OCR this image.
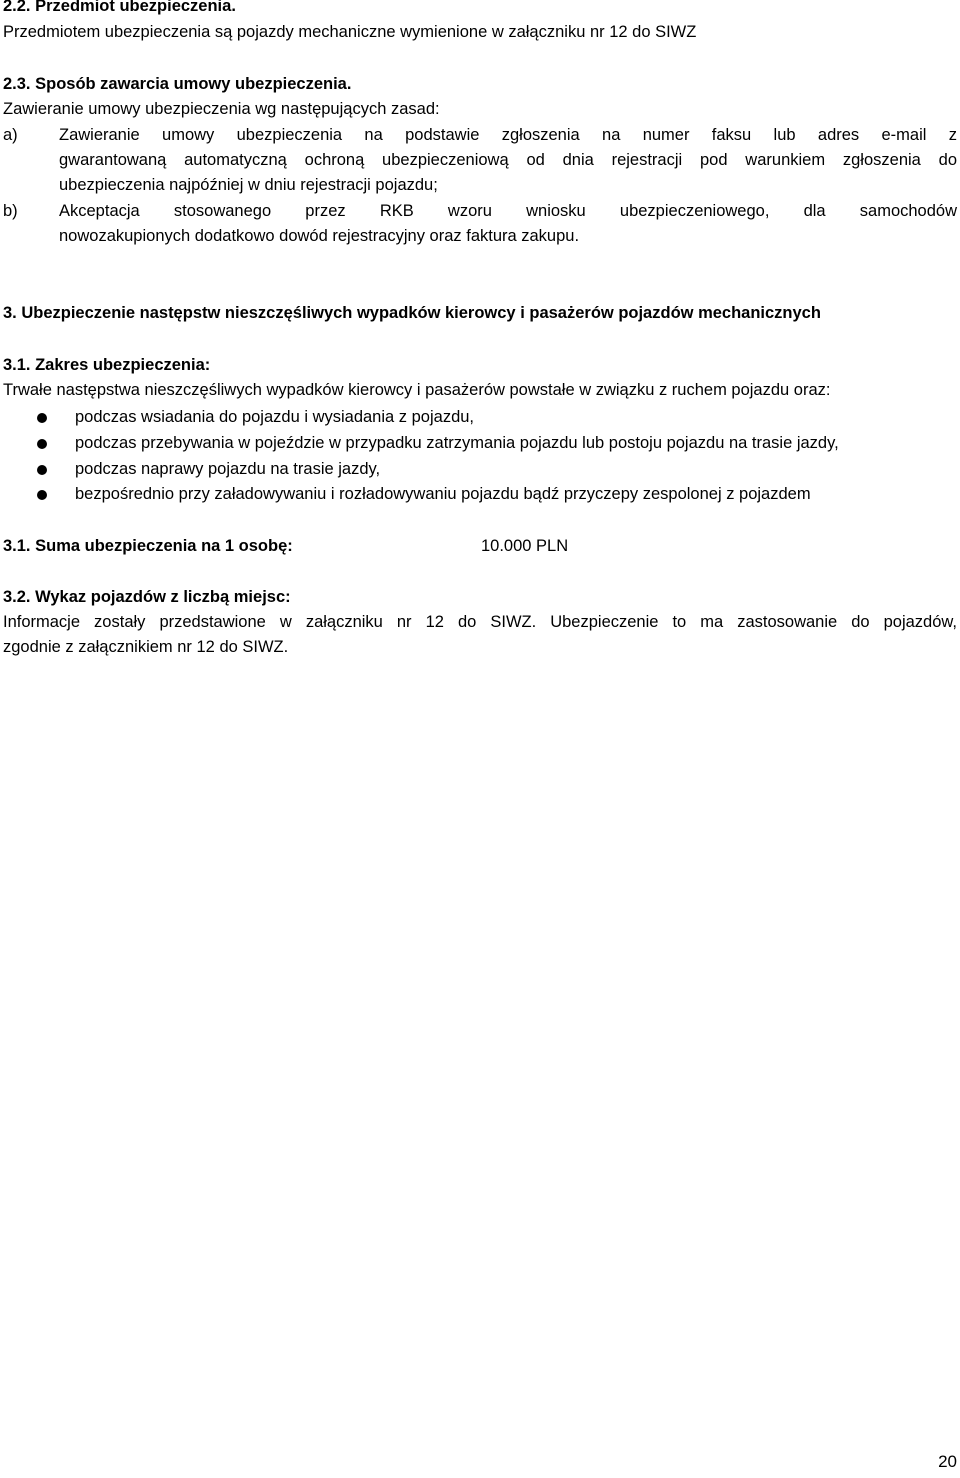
2.2. Przedmiot ubezpieczenia.
Przedmiotem ubezpieczenia są pojazdy mechaniczne wymienione w załączniku nr 12 do SIWZ
2.3. Sposób zawarcia umowy ubezpieczenia.
Zawieranie umowy ubezpieczenia wg następujących zasad:
a)	Zawieranie umowy ubezpieczenia na podstawie zgłoszenia na numer faksu lub adres e-mail z
gwarantowaną automatyczną ochroną ubezpieczeniową od dnia rejestracji pod warunkiem zgłoszenia do
ubezpieczenia najpóźniej w dniu rejestracji pojazdu;
b)	Akceptacja stosowanego przez RKB wzoru wniosku ubezpieczeniowego, dla samochodów
nowozakupionych dodatkowo dowód rejestracyjny oraz faktura zakupu.
3. Ubezpieczenie następstw nieszczęśliwych wypadków kierowcy i pasażerów pojazdów mechanicznych
3.1. Zakres ubezpieczenia:
Trwałe następstwa nieszczęśliwych wypadków kierowcy i pasażerów powstałe w związku z ruchem pojazdu oraz:
podczas wsiadania do pojazdu i wysiadania z pojazdu,
podczas przebywania w pojeździe w przypadku zatrzymania pojazdu lub postoju pojazdu na trasie jazdy,
podczas naprawy pojazdu na trasie jazdy,
bezpośrednio przy załadowywaniu i rozładowywaniu pojazdu bądź przyczepy zespolonej z pojazdem
3.1. Suma ubezpieczenia na 1 osobę:	10.000 PLN
3.2. Wykaz pojazdów z liczbą miejsc:
Informacje zostały przedstawione w załączniku nr 12 do SIWZ. Ubezpieczenie to ma zastosowanie do pojazdów,
zgodnie z załącznikiem nr 12 do SIWZ.
20
